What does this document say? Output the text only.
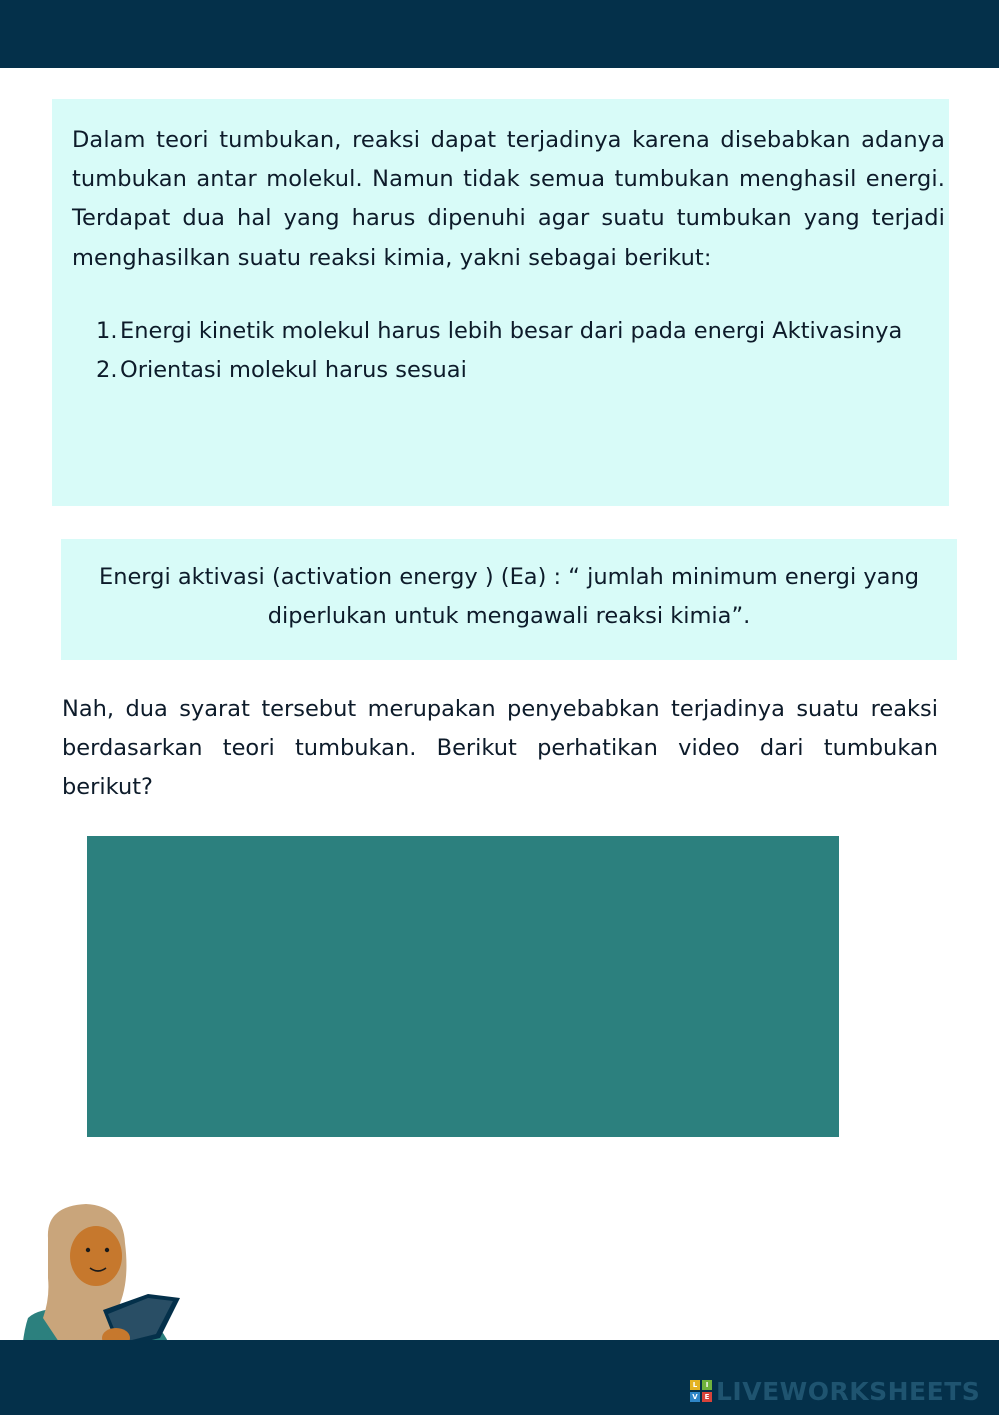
Dalam teori tumbukan, reaksi dapat terjadinya karena disebabkan adanya tumbukan antar molekul. Namun tidak semua tumbukan menghasil energi. Terdapat dua hal yang harus dipenuhi agar suatu tumbukan yang terjadi menghasilkan suatu reaksi kimia, yakni sebagai berikut:

1. Energi kinetik molekul harus lebih besar dari pada energi Aktivasinya
2. Orientasi molekul harus sesuai
Energi aktivasi (activation energy ) (Ea) : “ jumlah minimum energi yang diperlukan untuk mengawali reaksi kimia”.

Nah, dua syarat tersebut merupakan penyebabkan terjadinya suatu reaksi berdasarkan teori tumbukan. Berikut perhatikan video dari tumbukan berikut?

L	I
V E LIVEWORKSHEETS
